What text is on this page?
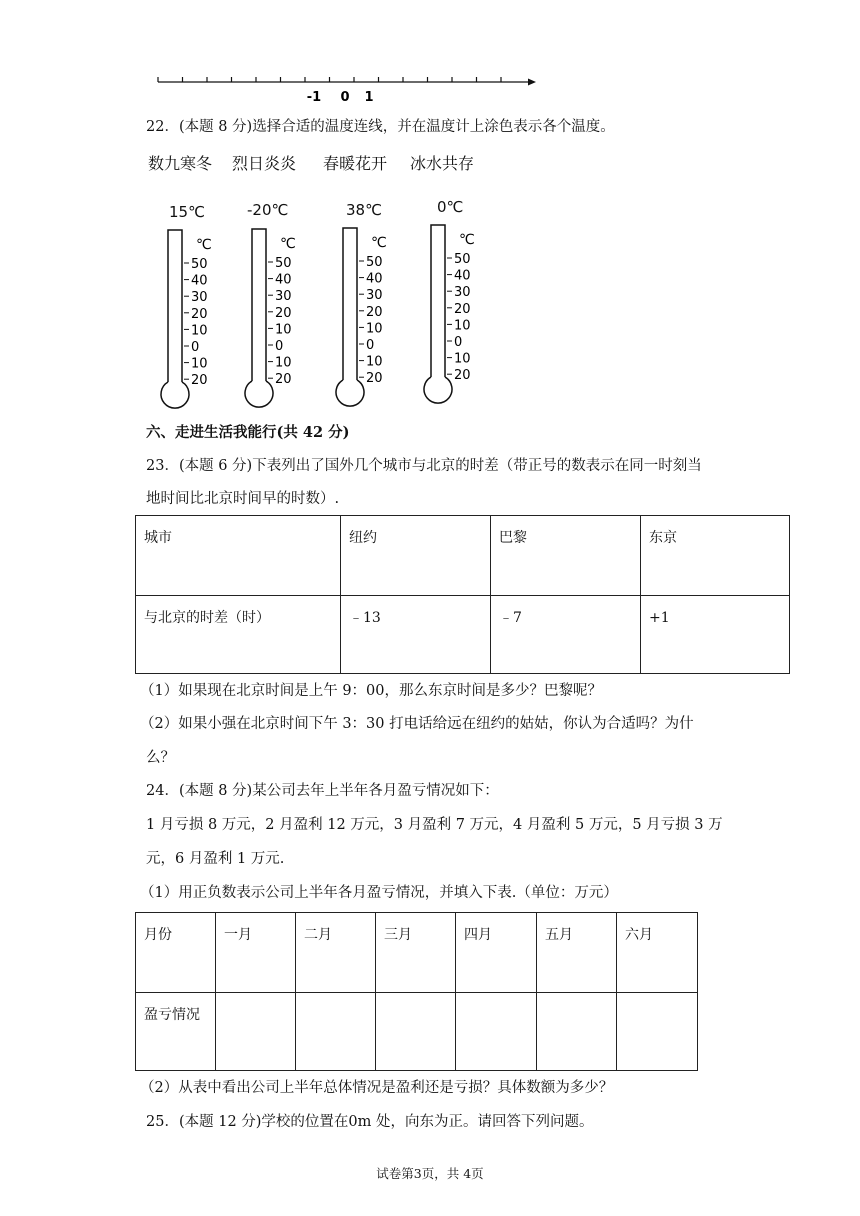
-1 0 1
22．(本题 8 分)选择合适的温度连线，并在温度计上涂色表示各个温度。
数九寒冬 烈日炎炎 春暖花开 冰水共存
15℃	-20℃	38℃	0℃
℃
50
40
30
20
10
0
10
20
℃
50
40
30
20
10
0
10
20
℃
50
40
30
20
10
0
10
20
℃
50
40
30
20
10
0
10
20
六、走进生活我能行(共 42 分)
23．(本题 6 分)下表列出了国外几个城市与北京的时差（带正号的数表示在同一时刻当
地时间比北京时间早的时数）.
城市	纽约	巴黎	东京
与北京的时差（时）	﹣13	﹣7	+1
（1）如果现在北京时间是上午 9：00，那么东京时间是多少？巴黎呢？
（2）如果小强在北京时间下午 3：30 打电话给远在纽约的姑姑，你认为合适吗？为什
么？
24．(本题 8 分)某公司去年上半年各月盈亏情况如下：
1 月亏损 8 万元，2 月盈利 12 万元，3 月盈利 7 万元，4 月盈利 5 万元，5 月亏损 3 万
元，6 月盈利 1 万元.
（1）用正负数表示公司上半年各月盈亏情况，并填入下表.（单位：万元）
月份	一月	二月	三月	四月	五月	六月
盈亏情况						
（2）从表中看出公司上半年总体情况是盈利还是亏损？具体数额为多少？
25．(本题 12 分)学校的位置在0m 处，向东为正。请回答下列问题。
试卷第3页，共 4页
